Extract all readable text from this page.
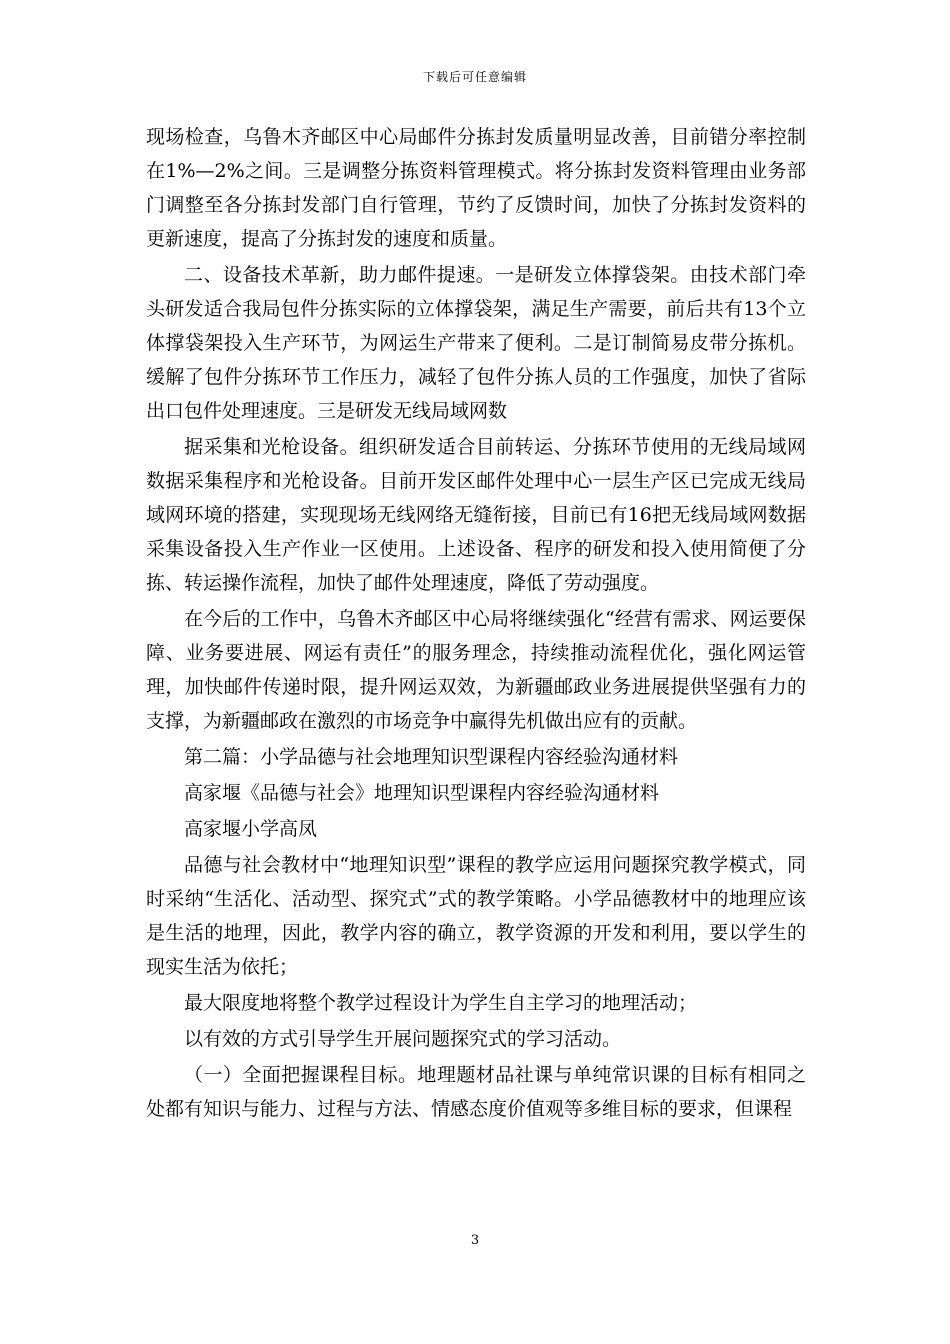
下载后可任意编辑

现场检查，乌鲁木齐邮区中心局邮件分拣封发质量明显改善，目前错分率控制在1%—2%之间。三是调整分拣资料管理模式。将分拣封发资料管理由业务部门调整至各分拣封发部门自行管理，节约了反馈时间，加快了分拣封发资料的更新速度，提高了分拣封发的速度和质量。

二、设备技术革新，助力邮件提速。一是研发立体撑袋架。由技术部门牵头研发适合我局包件分拣实际的立体撑袋架，满足生产需要，前后共有13个立体撑袋架投入生产环节，为网运生产带来了便利。二是订制简易皮带分拣机。缓解了包件分拣环节工作压力，减轻了包件分拣人员的工作强度，加快了省际出口包件处理速度。三是研发无线局域网数

据采集和光枪设备。组织研发适合目前转运、分拣环节使用的无线局域网数据采集程序和光枪设备。目前开发区邮件处理中心一层生产区已完成无线局域网环境的搭建，实现现场无线网络无缝衔接，目前已有16把无线局域网数据采集设备投入生产作业一区使用。上述设备、程序的研发和投入使用简便了分拣、转运操作流程，加快了邮件处理速度，降低了劳动强度。

在今后的工作中，乌鲁木齐邮区中心局将继续强化“经营有需求、网运要保障、业务要进展、网运有责任”的服务理念，持续推动流程优化，强化网运管理，加快邮件传递时限，提升网运双效，为新疆邮政业务进展提供坚强有力的支撑，为新疆邮政在激烈的市场竞争中赢得先机做出应有的贡献。

第二篇：小学品德与社会地理知识型课程内容经验沟通材料

高家堰《品德与社会》地理知识型课程内容经验沟通材料

高家堰小学高凤

品德与社会教材中“地理知识型”课程的教学应运用问题探究教学模式，同时采纳“生活化、活动型、探究式”式的教学策略。小学品德教材中的地理应该是生活的地理，因此，教学内容的确立，教学资源的开发和利用，要以学生的现实生活为依托；

最大限度地将整个教学过程设计为学生自主学习的地理活动；

以有效的方式引导学生开展问题探究式的学习活动。

（一）全面把握课程目标。地理题材品社课与单纯常识课的目标有相同之处都有知识与能力、过程与方法、情感态度价值观等多维目标的要求，但课程

3
